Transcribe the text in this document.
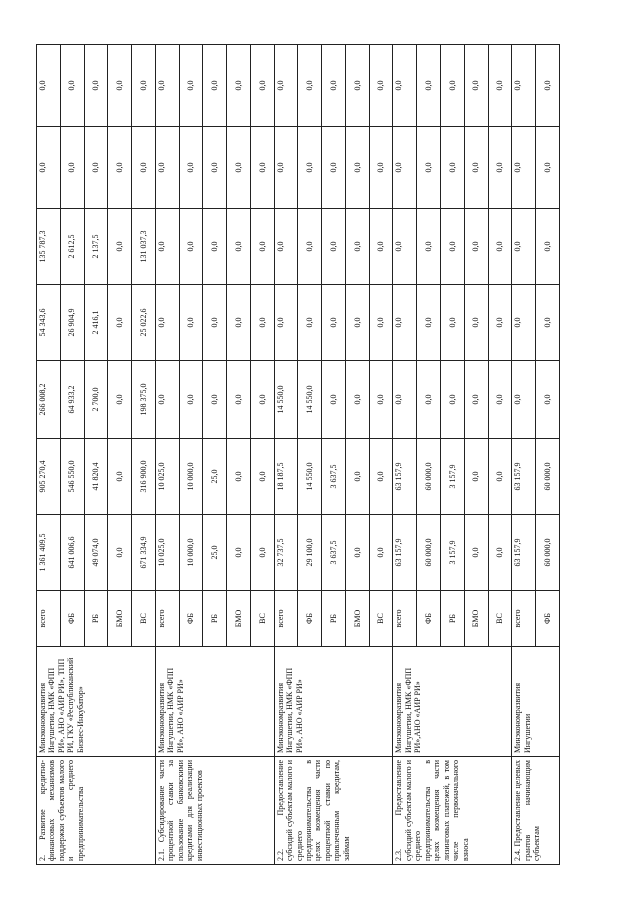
2. Развитие кредитно-финансовых механизмов поддержки субъектов малого и среднего предпринимательства	Минэкономразвития Ингушетии, НМК «ФПП РИ», АНО «АИР РИ», ТПП РИ, ГКУ «Республиканский Бизнес-Инкубатор»	всего	1 361 409,5	905 270,4	266 008,2	54 343,6	135 787,3	0,0	0,0
		ФБ	641 006,6	546 550,0	64 933,2	26 904,9	2 612,5	0,0	0,0
		РБ	49 074,0	41 820,4	2 700,0	2 416,1	2 137,5	0,0	0,0
		БМО	0,0	0,0	0,0	0,0	0,0	0,0	0,0
		ВС	671 334,9	316 900,0	198 375,0	25 022,6	131 037,3	0,0	0,0
2.1. Субсидирование части процентной ставки за пользование банковскими кредитами для реализации инвестиционных проектов	Минэкономразвития Ингушетии, НМК «ФПП РИ», АНО «АИР РИ»	всего	10 025,0	10 025,0	0,0	0,0	0,0	0,0	0,0
		ФБ	10 000,0	10 000,0	0,0	0,0	0,0	0,0	0,0
		РБ	25,0	25,0	0,0	0,0	0,0	0,0	0,0
		БМО	0,0	0,0	0,0	0,0	0,0	0,0	0,0
		ВС	0,0	0,0	0,0	0,0	0,0	0,0	0,0
2.2. Предоставление субсидий субъектам малого и среднего предпринимательства в целях возмещения части процентной ставки по привлеченным кредитам, займам	Минэкономразвития Ингушетии, НМК «ФПП РИ», АНО «АИР РИ»	всего	32 737,5	18 187,5	14 550,0	0,0	0,0	0,0	0,0
		ФБ	29 100,0	14 550,0	14 550,0	0,0	0,0	0,0	0,0
		РБ	3 637,5	3 637,5	0,0	0,0	0,0	0,0	0,0
		БМО	0,0	0,0	0,0	0,0	0,0	0,0	0,0
		ВС	0,0	0,0	0,0	0,0	0,0	0,0	0,0
2.3. Предоставление субсидий субъектам малого и среднего предпринимательства в целях возмещения части лизинговых платежей, в том числе первоначального взноса	Минэкономразвития Ингушетии, НМК «ФПП РИ»,АНО «АИР РИ»	всего	63 157,9	63 157,9	0,0	0,0	0,0	0,0	0,0
		ФБ	60 000,0	60 000,0	0,0	0,0	0,0	0,0	0,0
		РБ	3 157,9	3 157,9	0,0	0,0	0,0	0,0	0,0
		БМО	0,0	0,0	0,0	0,0	0,0	0,0	0,0
		ВС	0,0	0,0	0,0	0,0	0,0	0,0	0,0
2.4. Предоставление целевых грантов начинающим субъектам	Минэкономразвития Ингушетии	всего	63 157,9	63 157,9	0,0	0,0	0,0	0,0	0,0
		ФБ	60 000,0	60 000,0	0,0	0,0	0,0	0,0	0,0
